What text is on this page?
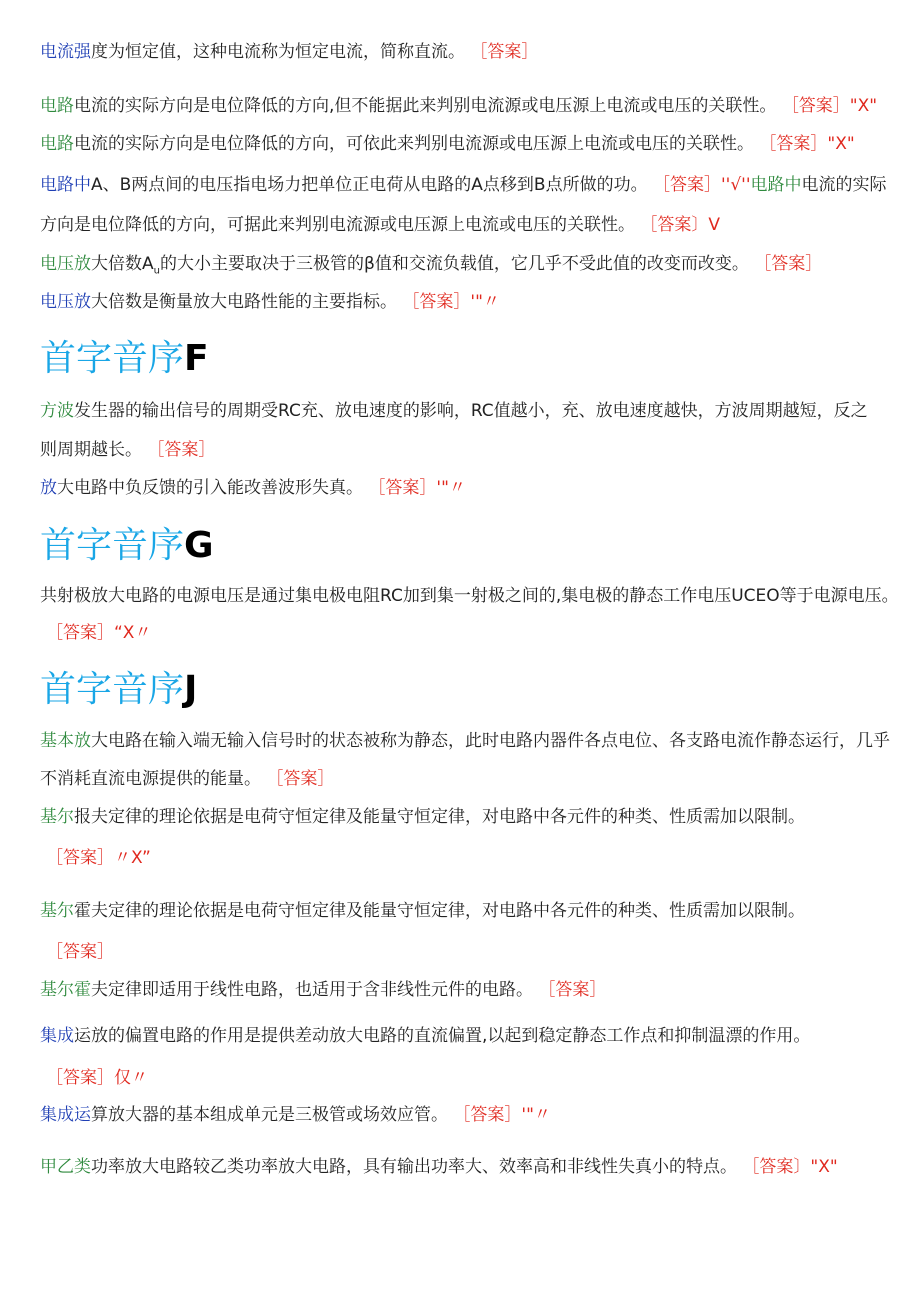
电流强度为恒定值，这种电流称为恒定电流，简称直流。 ［答案］
电路电流的实际方向是电位降低的方向,但不能据此来判别电流源或电压源上电流或电压的关联性。 ［答案］"X"
电路电流的实际方向是电位降低的方向，可依此来判别电流源或电压源上电流或电压的关联性。 ［答案］"X"
电路中A、B两点间的电压指电场力把单位正电荷从电路的A点移到B点所做的功。 ［答案］''√''电路中电流的实际
方向是电位降低的方向，可据此来判别电流源或电压源上电流或电压的关联性。 ［答案〕V
电压放大倍数$A_u$的大小主要取决于三极管的β值和交流负载值，它几乎不受此值的改变而改变。 ［答案］
电压放大倍数是衡量放大电路性能的主要指标。 ［答案］'"〃
首字音序F
方波发生器的输出信号的周期受RC充、放电速度的影响，RC值越小，充、放电速度越快，方波周期越短，反之
则周期越长。 ［答案］
放大电路中负反馈的引入能改善波形失真。 ［答案］'"〃
首字音序G
共射极放大电路的电源电压是通过集电极电阻RC加到集一射极之间的,集电极的静态工作电压UCEO等于电源电压。
［答案］“X〃
首字音序J
基本放大电路在输入端无输入信号时的状态被称为静态，此时电路内器件各点电位、各支路电流作静态运行，几乎
不消耗直流电源提供的能量。 ［答案］
基尔报夫定律的理论依据是电荷守恒定律及能量守恒定律，对电路中各元件的种类、性质需加以限制。
［答案］〃X”
基尔霍夫定律的理论依据是电荷守恒定律及能量守恒定律，对电路中各元件的种类、性质需加以限制。
［答案］
基尔霍夫定律即适用于线性电路，也适用于含非线性元件的电路。 ［答案］
集成运放的偏置电路的作用是提供差动放大电路的直流偏置,以起到稳定静态工作点和抑制温漂的作用。
［答案］仅〃
集成运算放大器的基本组成单元是三极管或场效应管。 ［答案］'"〃
甲乙类功率放大电路较乙类功率放大电路，具有输出功率大、效率高和非线性失真小的特点。 ［答案〕"X"
